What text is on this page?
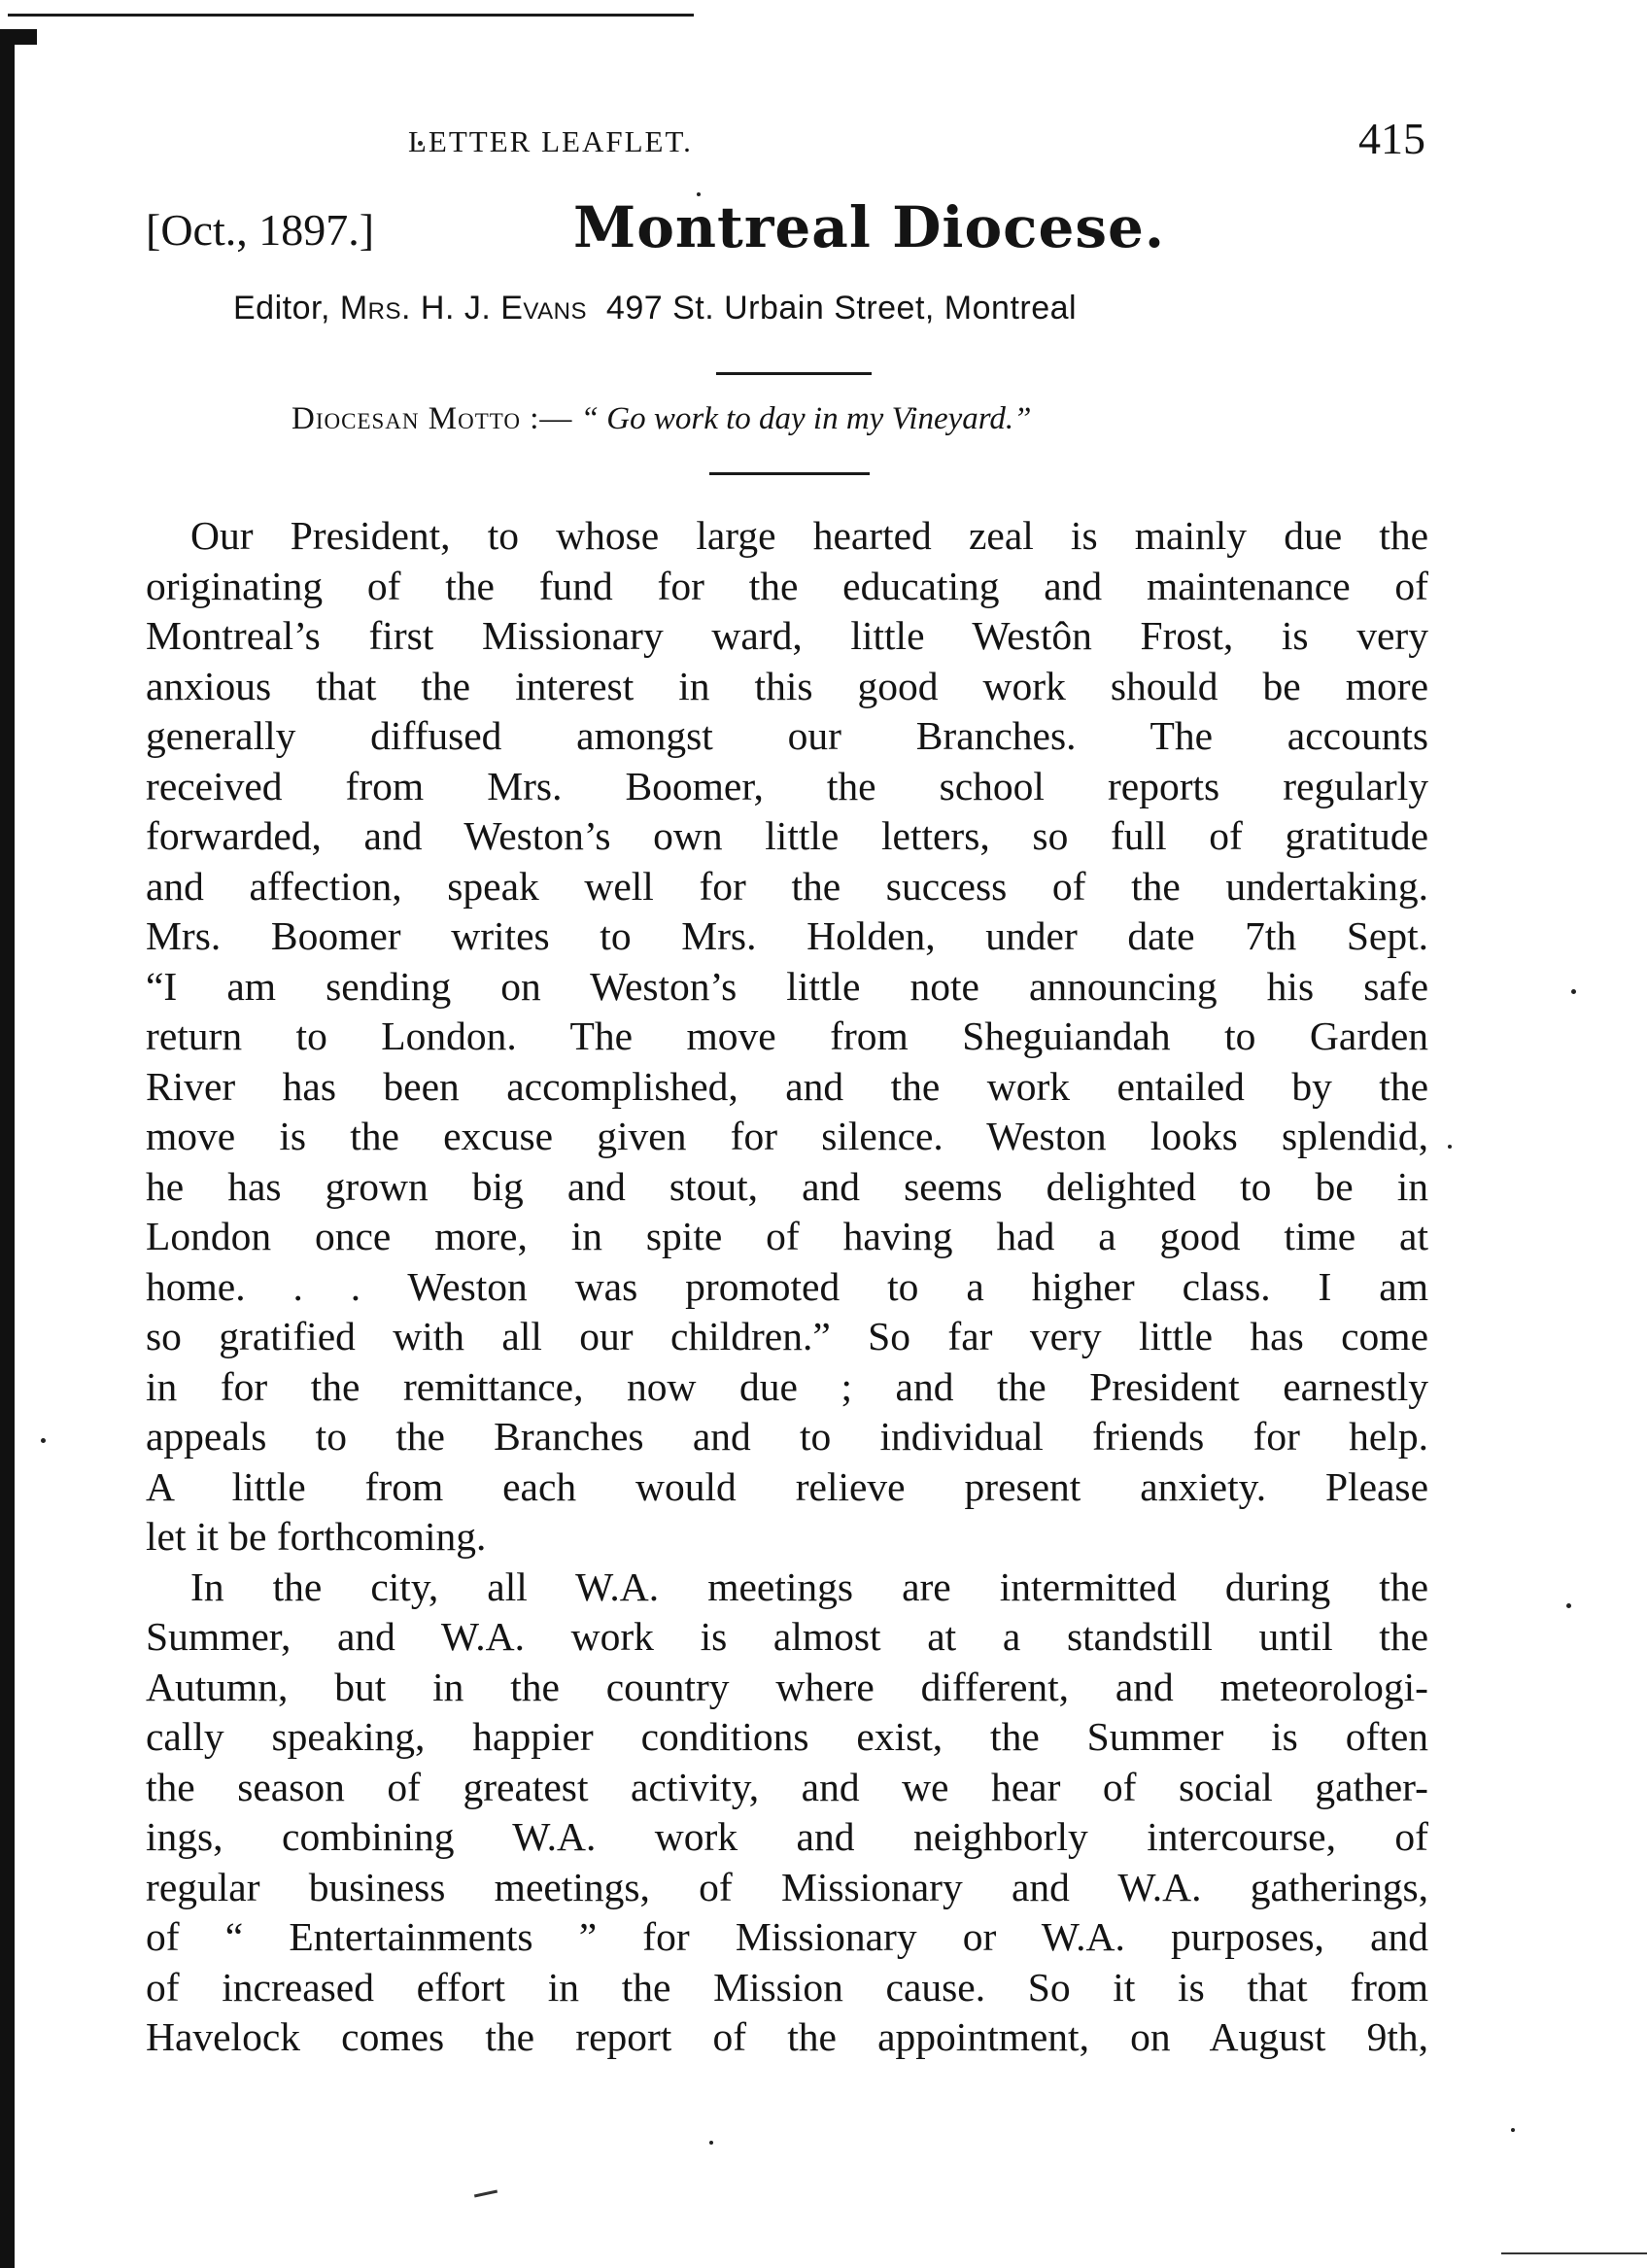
LETTER LEAFLET.	415
[Oct., 1897.]	Montreal Diocese.
Editor, Mrs. H. J. Evans 497 St. Urbain Street, Montreal
Diocesan Motto :— “ Go work to day in my Vineyard.”
Our President, to whose large hearted zeal is mainly due the
originating of the fund for the educating and maintenance of
Montreal’s first Missionary ward, little Westôn Frost, is very
anxious that the interest in this good work should be more
generally diffused amongst our Branches. The accounts
received from Mrs. Boomer, the school reports regularly
forwarded, and Weston’s own little letters, so full of gratitude
and affection, speak well for the success of the undertaking.
Mrs. Boomer writes to Mrs. Holden, under date 7th Sept.
“I am sending on Weston’s little note announcing his safe
return to London. The move from Sheguiandah to Garden
River has been accomplished, and the work entailed by the
move is the excuse given for silence. Weston looks splendid,
he has grown big and stout, and seems delighted to be in
London once more, in spite of having had a good time at
home. . . Weston was promoted to a higher class. I am
so gratified with all our children.” So far very little has come
in for the remittance, now due ; and the President earnestly
appeals to the Branches and to individual friends for help.
A little from each would relieve present anxiety. Please
let it be forthcoming.
In the city, all W.A. meetings are intermitted during the
Summer, and W.A. work is almost at a standstill until the
Autumn, but in the country where different, and meteorologi-
cally speaking, happier conditions exist, the Summer is often
the season of greatest activity, and we hear of social gather-
ings, combining W.A. work and neighborly intercourse, of
regular business meetings, of Missionary and W.A. gatherings,
of “ Entertainments ” for Missionary or W.A. purposes, and
of increased effort in the Mission cause. So it is that from
Havelock comes the report of the appointment, on August 9th,
